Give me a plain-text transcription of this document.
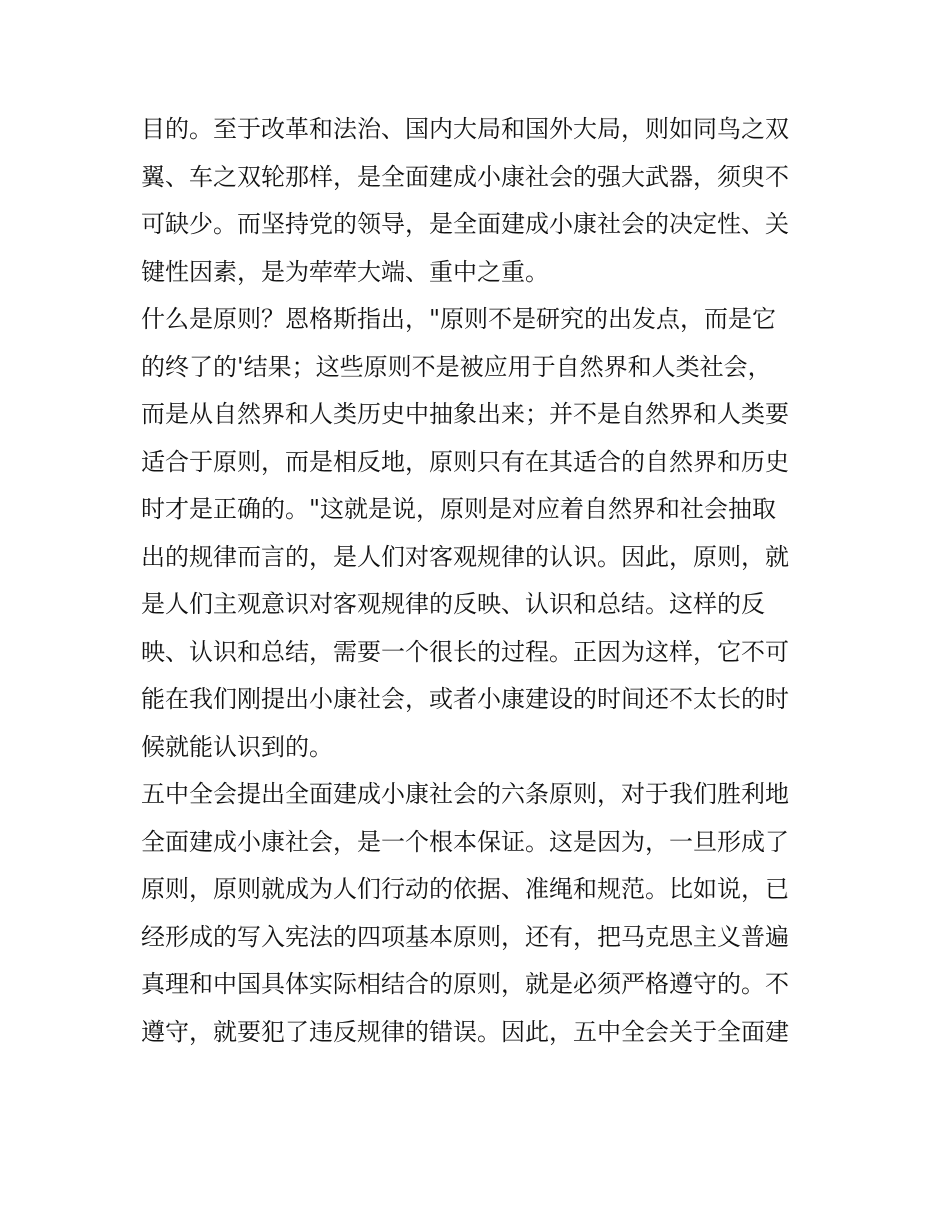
目的。至于改革和法治、国内大局和国外大局，则如同鸟之双
翼、车之双轮那样，是全面建成小康社会的强大武器，须臾不
可缺少。而坚持党的领导，是全面建成小康社会的决定性、关
键性因素，是为荦荦大端、重中之重。
什么是原则？恩格斯指出，"原则不是研究的出发点，而是它
的终了的'结果；这些原则不是被应用于自然界和人类社会，
而是从自然界和人类历史中抽象出来；并不是自然界和人类要
适合于原则，而是相反地，原则只有在其适合的自然界和历史
时才是正确的。"这就是说，原则是对应着自然界和社会抽取
出的规律而言的，是人们对客观规律的认识。因此，原则，就
是人们主观意识对客观规律的反映、认识和总结。这样的反
映、认识和总结，需要一个很长的过程。正因为这样，它不可
能在我们刚提出小康社会，或者小康建设的时间还不太长的时
候就能认识到的。
五中全会提出全面建成小康社会的六条原则，对于我们胜利地
全面建成小康社会，是一个根本保证。这是因为，一旦形成了
原则，原则就成为人们行动的依据、准绳和规范。比如说，已
经形成的写入宪法的四项基本原则，还有，把马克思主义普遍
真理和中国具体实际相结合的原则，就是必须严格遵守的。不
遵守，就要犯了违反规律的错误。因此，五中全会关于全面建
